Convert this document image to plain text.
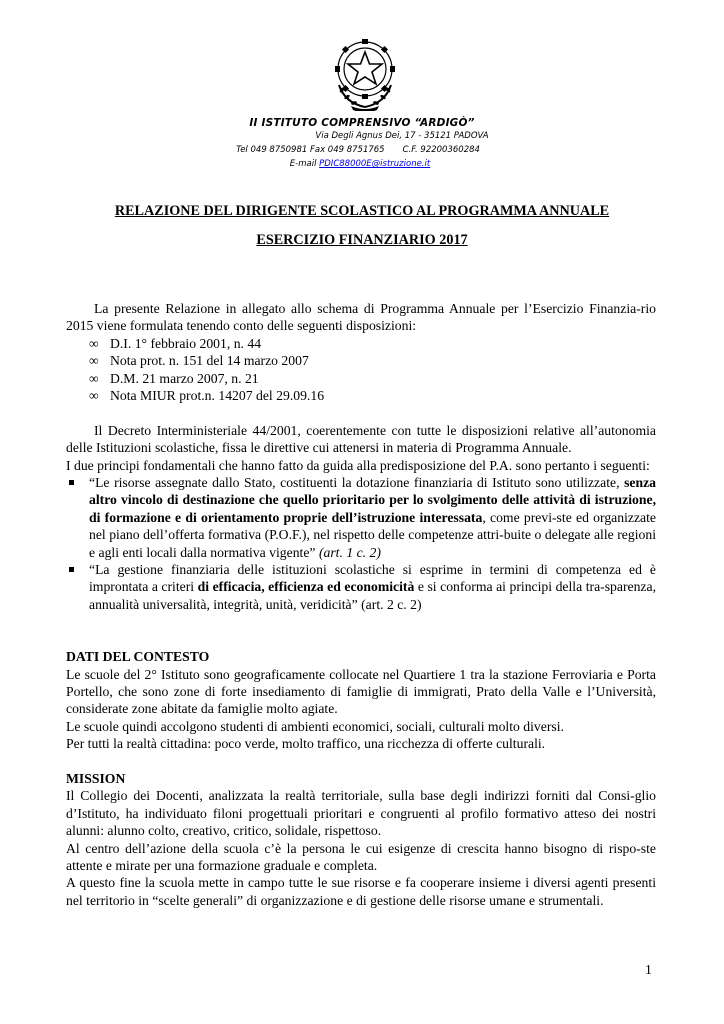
II ISTITUTO COMPRENSIVO “ARDIGÒ”
Via Degli Agnus Dei, 17 - 35121 PADOVA
Tel 049 8750981 Fax 049 8751765 C.F. 92200360284
E-mail PDIC88000E@istruzione.it
RELAZIONE DEL DIRIGENTE SCOLASTICO AL PROGRAMMA ANNUALE
ESERCIZIO FINANZIARIO 2017

La presente Relazione in allegato allo schema di Programma Annuale per l’Esercizio Finanzia-rio 2015 viene formulata tenendo conto delle seguenti disposizioni:

∞ D.I. 1° febbraio 2001, n. 44
∞ Nota prot. n. 151 del 14 marzo 2007
∞ D.M. 21 marzo 2007, n. 21
∞ Nota MIUR prot.n. 14207 del 29.09.16

Il Decreto Interministeriale 44/2001, coerentemente con tutte le disposizioni relative all’autonomia delle Istituzioni scolastiche, fissa le direttive cui attenersi in materia di Programma Annuale.

I due principi fondamentali che hanno fatto da guida alla predisposizione del P.A. sono pertanto i seguenti:

“Le risorse assegnate dallo Stato, costituenti la dotazione finanziaria di Istituto sono utilizzate, senza altro vincolo di destinazione che quello prioritario per lo svolgimento delle attività di istruzione, di formazione e di orientamento proprie dell’istruzione interessata, come previ-ste ed organizzate nel piano dell’offerta formativa (P.O.F.), nel rispetto delle competenze attri-buite o delegate alle regioni e agli enti locali dalla normativa vigente” (art. 1 c. 2)
“La gestione finanziaria delle istituzioni scolastiche si esprime in termini di competenza ed è improntata a criteri di efficacia, efficienza ed economicità e si conforma ai principi della tra-sparenza, annualità universalità, integrità, unità, veridicità” (art. 2 c. 2)

DATI DEL CONTESTO

Le scuole del 2° Istituto sono geograficamente collocate nel Quartiere 1 tra la stazione Ferroviaria e Porta Portello, che sono zone di forte insediamento di famiglie di immigrati, Prato della Valle e l’Università, considerate zone abitate da famiglie molto agiate.

Le scuole quindi accolgono studenti di ambienti economici, sociali, culturali molto diversi.

Per tutti la realtà cittadina: poco verde, molto traffico, una ricchezza di offerte culturali.

MISSION

Il Collegio dei Docenti, analizzata la realtà territoriale, sulla base degli indirizzi forniti dal Consi-glio d’Istituto, ha individuato filoni progettuali prioritari e congruenti al profilo formativo atteso dei nostri alunni: alunno colto, creativo, critico, solidale, rispettoso.

Al centro dell’azione della scuola c’è la persona le cui esigenze di crescita hanno bisogno di rispo-ste attente e mirate per una formazione graduale e completa.

A questo fine la scuola mette in campo tutte le sue risorse e fa cooperare insieme i diversi agenti presenti nel territorio in “scelte generali” di organizzazione e di gestione delle risorse umane e strumentali.

1
